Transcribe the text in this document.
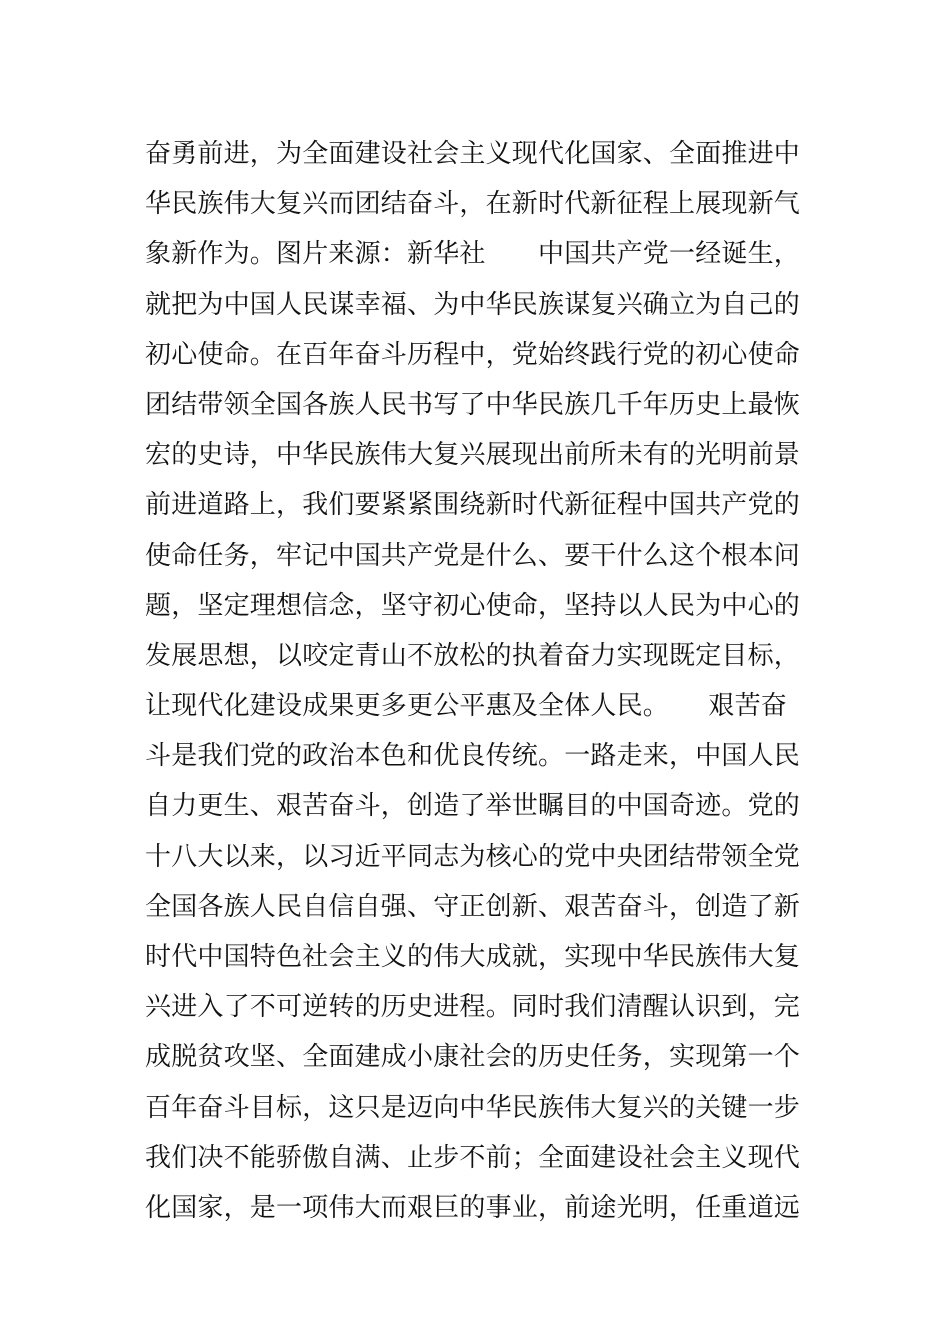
奋勇前进，为全面建设社会主义现代化国家、全面推进中
华民族伟大复兴而团结奋斗，在新时代新征程上展现新气
象新作为。图片来源：新华社　　中国共产党一经诞生，
就把为中国人民谋幸福、为中华民族谋复兴确立为自己的
初心使命。在百年奋斗历程中，党始终践行党的初心使命
团结带领全国各族人民书写了中华民族几千年历史上最恢
宏的史诗，中华民族伟大复兴展现出前所未有的光明前景
前进道路上，我们要紧紧围绕新时代新征程中国共产党的
使命任务，牢记中国共产党是什么、要干什么这个根本问
题，坚定理想信念，坚守初心使命，坚持以人民为中心的
发展思想，以咬定青山不放松的执着奋力实现既定目标，
让现代化建设成果更多更公平惠及全体人民。　　艰苦奋
斗是我们党的政治本色和优良传统。一路走来，中国人民
自力更生、艰苦奋斗，创造了举世瞩目的中国奇迹。党的
十八大以来，以习近平同志为核心的党中央团结带领全党
全国各族人民自信自强、守正创新、艰苦奋斗，创造了新
时代中国特色社会主义的伟大成就，实现中华民族伟大复
兴进入了不可逆转的历史进程。同时我们清醒认识到，完
成脱贫攻坚、全面建成小康社会的历史任务，实现第一个
百年奋斗目标，这只是迈向中华民族伟大复兴的关键一步
我们决不能骄傲自满、止步不前；全面建设社会主义现代
化国家，是一项伟大而艰巨的事业，前途光明，任重道远
